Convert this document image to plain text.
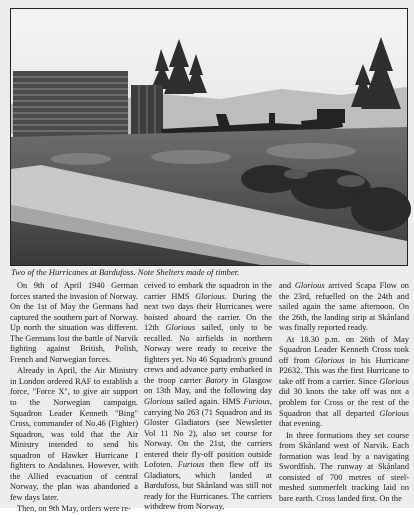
Two of the Hurricanes at Bardufoss. Note Shelters made of timber.

On 9th of April 1940 German forces started the invasion of Norway. On the 1st of May the Germans had captured the southern part of Norway. Up north the situation was different. The Germans lost the battle of Narvik fighting against British, Polish, French and Norwegian forces.

Already in April, the Air Ministry in London ordered RAF to establish a force, "Force X", to give air support to the Norwegian campaign. Squadron Leader Kenneth "Bing" Cross, commander of No.46 (Fighter) Squadron, was told that the Air Ministry intended to send his squadron of Hawker Hurricane I fighters to Andalsnes. However, with the Allied evacuation of central Norway, the plan was abandoned a few days later.

Then, on 9th May, orders were re-

ceived to embark the squadron in the carrier HMS Glorious. During the next two days their Hurricanes were hoisted aboard the carrier. On the 12th Glorious sailed, only to be recalled. No airfields in northern Norway were ready to receive the fighters yet. No 46 Squadron's ground crews and advance party embarked in the troop carrier Batory in Glasgow on 13th May, and the following day Glorious sailed again. HMS Furious, carrying No 263 (71 Squadron and its Gloster Gladiators (see Newsletter Vol 11 No 2), also set course for Norway. On the 21st, the carriers entered their fly-off position outside Lofoten. Furious then flew off its Gladiators, which landed at Bardufoss, but Skånland was still not ready for the Hurricanes. The carriers withdrew from Norway,

and Glorious arrived Scapa Flow on the 23rd, refuelled on the 24th and sailed again the same afternoon. On the 26th, the landing strip at Skånland was finally reported ready.

At 18.30 p.m. on 26th of May Squadron Leader Kenneth Cross took off from Glorious in his Hurricane P2632. This was the first Hurricane to take off from a carrier. Since Glorious did 30 knots the take off was not a problem for Cross or the rest of the Squadron that all departed Glorious that evening.

In three formations they set course from Skånland west of Narvik. Each formation was lead by a navigating Swordfish. The runway at Skånland consisted of 700 metres of steel-meshed summerfelt tracking laid on bare earth. Cross landed first. On the
